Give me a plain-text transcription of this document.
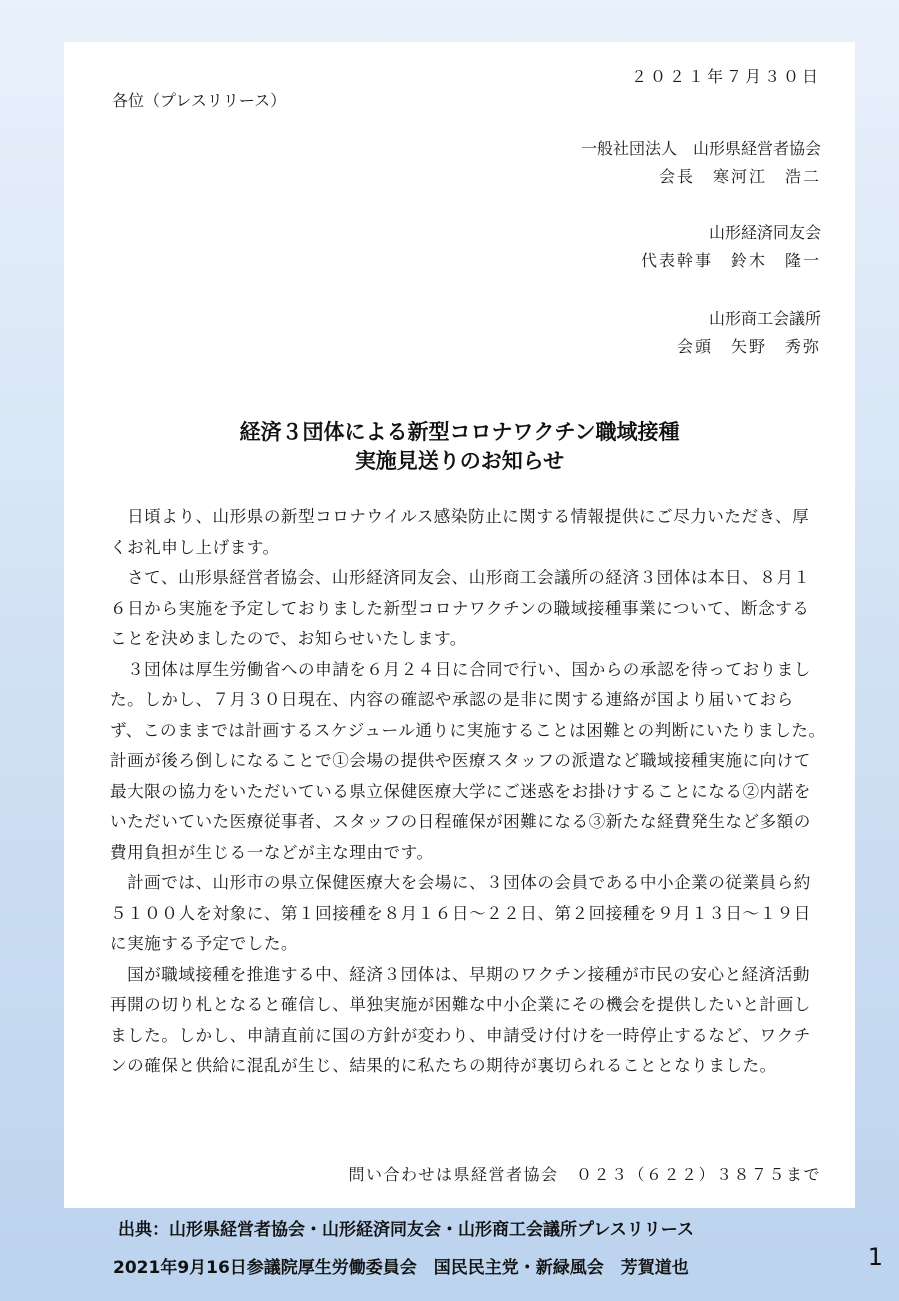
２０２１年７月３０日
各位（プレスリリース）
一般社団法人　山形県経営者協会
会長　寒河江　浩二
山形経済同友会
代表幹事　鈴木　隆一
山形商工会議所
会頭　矢野　秀弥
経済３団体による新型コロナワクチン職域接種
実施見送りのお知らせ

　日頃より、山形県の新型コロナウイルス感染防止に関する情報提供にご尽力いただき、厚くお礼申し上げます。

　さて、山形県経営者協会、山形経済同友会、山形商工会議所の経済３団体は本日、８月１６日から実施を予定しておりました新型コロナワクチンの職域接種事業について、断念することを決めましたので、お知らせいたします。

　３団体は厚生労働省への申請を６月２４日に合同で行い、国からの承認を待っておりました。しかし、７月３０日現在、内容の確認や承認の是非に関する連絡が国より届いておらず、このままでは計画するスケジュール通りに実施することは困難との判断にいたりました。計画が後ろ倒しになることで①会場の提供や医療スタッフの派遣など職域接種実施に向けて最大限の協力をいただいている県立保健医療大学にご迷惑をお掛けすることになる②内諾をいただいていた医療従事者、スタッフの日程確保が困難になる③新たな経費発生など多額の費用負担が生じる一などが主な理由です。

　計画では、山形市の県立保健医療大を会場に、３団体の会員である中小企業の従業員ら約５１００人を対象に、第１回接種を８月１６日～２２日、第２回接種を９月１３日～１９日に実施する予定でした。

　国が職域接種を推進する中、経済３団体は、早期のワクチン接種が市民の安心と経済活動再開の切り札となると確信し、単独実施が困難な中小企業にその機会を提供したいと計画しました。しかし、申請直前に国の方針が変わり、申請受け付けを一時停止するなど、ワクチンの確保と供給に混乱が生じ、結果的に私たちの期待が裏切られることとなりました。

問い合わせは県経営者協会　０２３（６２２）３８７５まで
出典：山形県経営者協会・山形経済同友会・山形商工会議所プレスリリース
2021年9月16日参議院厚生労働委員会　国民民主党・新緑風会　芳賀道也	1
